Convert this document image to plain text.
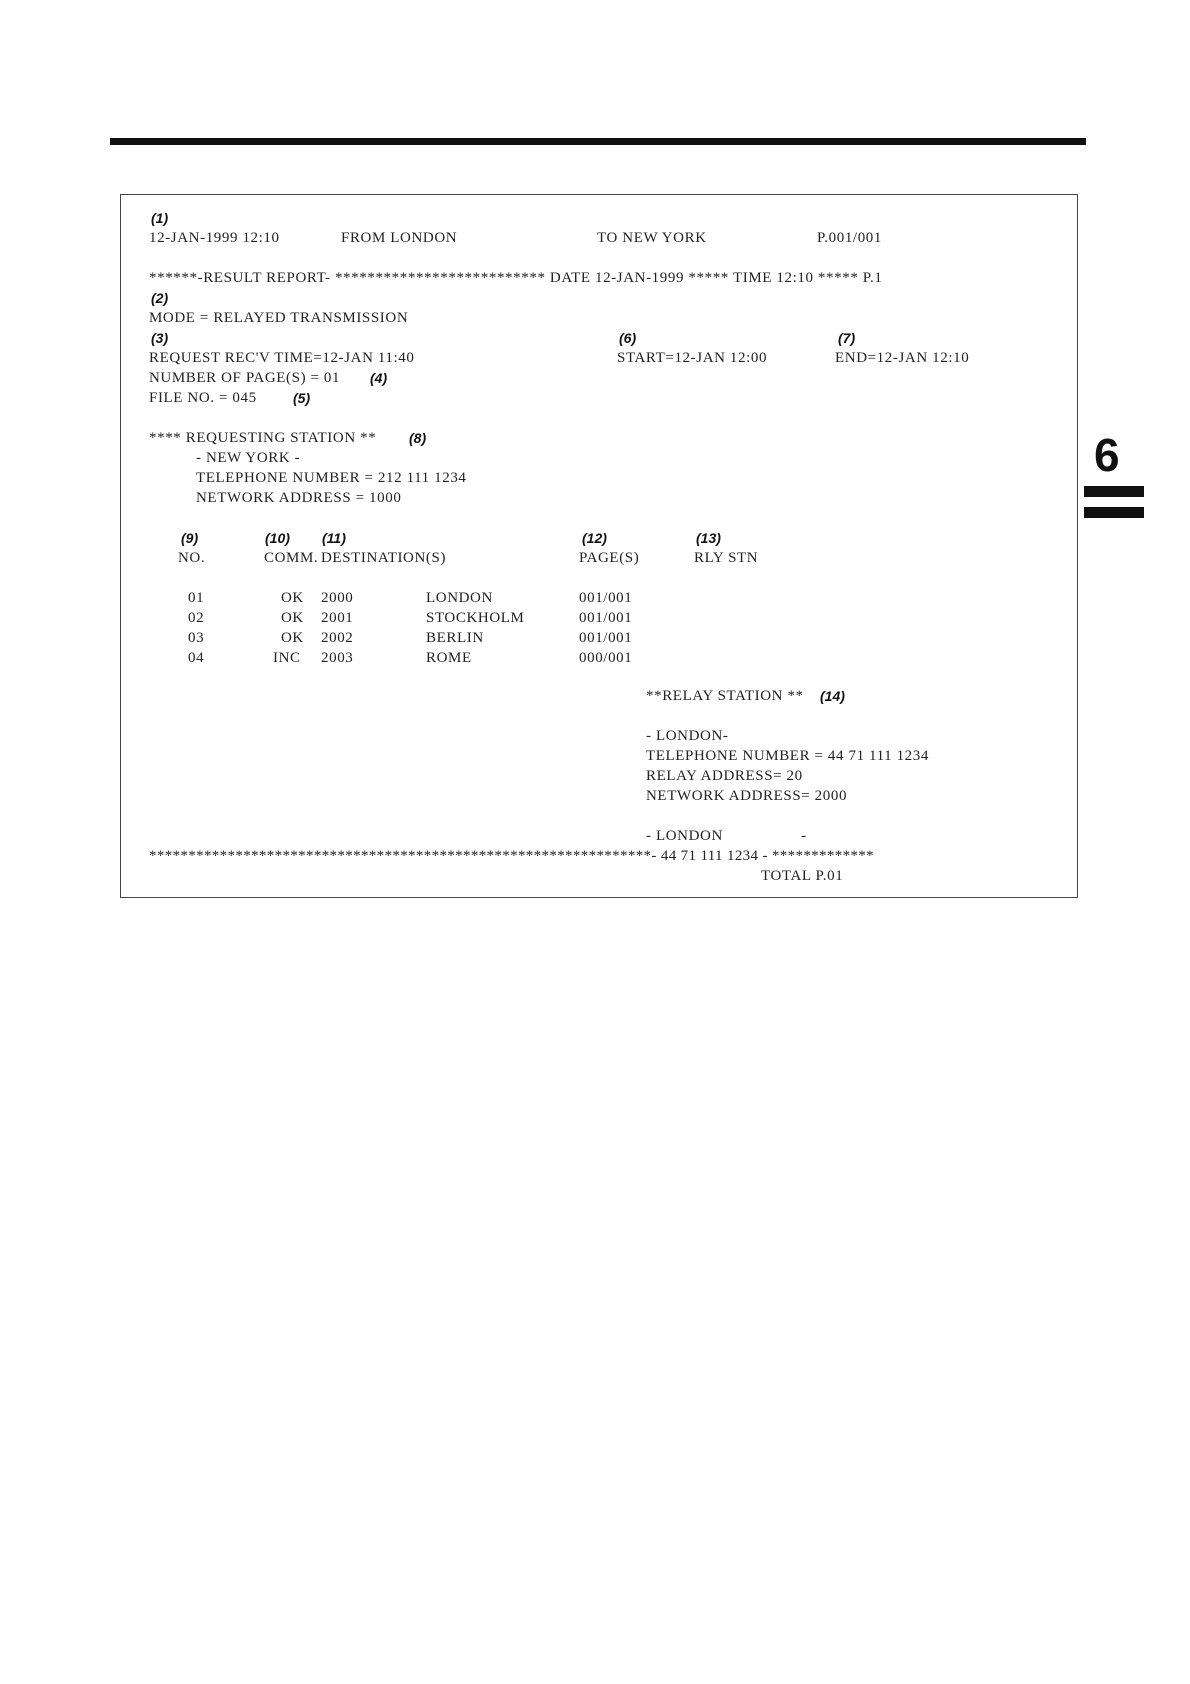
6
(1)
12-JAN-1999 12:10	FROM LONDON	TO NEW YORK	P.001/001
******-RESULT REPORT- ************************** DATE 12-JAN-1999 ***** TIME 12:10 ***** P.1
(2)
MODE = RELAYED TRANSMISSION
(3)	(6)	(7)
REQUEST REC'V TIME=12-JAN 11:40	START=12-JAN 12:00	END=12-JAN 12:10
NUMBER OF PAGE(S) = 01 (4)
FILE NO. = 045	(5)
**** REQUESTING STATION ** (8)
- NEW YORK -
TELEPHONE NUMBER = 212 111 1234
NETWORK ADDRESS = 1000
(9)	(10) (11)	(12)	(13)
NO.	COMM. DESTINATION(S)	PAGE(S)	RLY STN
01	OK 2000	LONDON	001/001
02	OK 2001	STOCKHOLM	001/001
03	OK 2002	BERLIN	001/001
04	INC 2003	ROME	000/001
**RELAY STATION ** (14)
- LONDON-
TELEPHONE NUMBER = 44 71 111 1234
RELAY ADDRESS= 20
NETWORK ADDRESS= 2000
- LONDON                  -
****************************************************************- 44 71 111 1234 - *************
TOTAL P.01
